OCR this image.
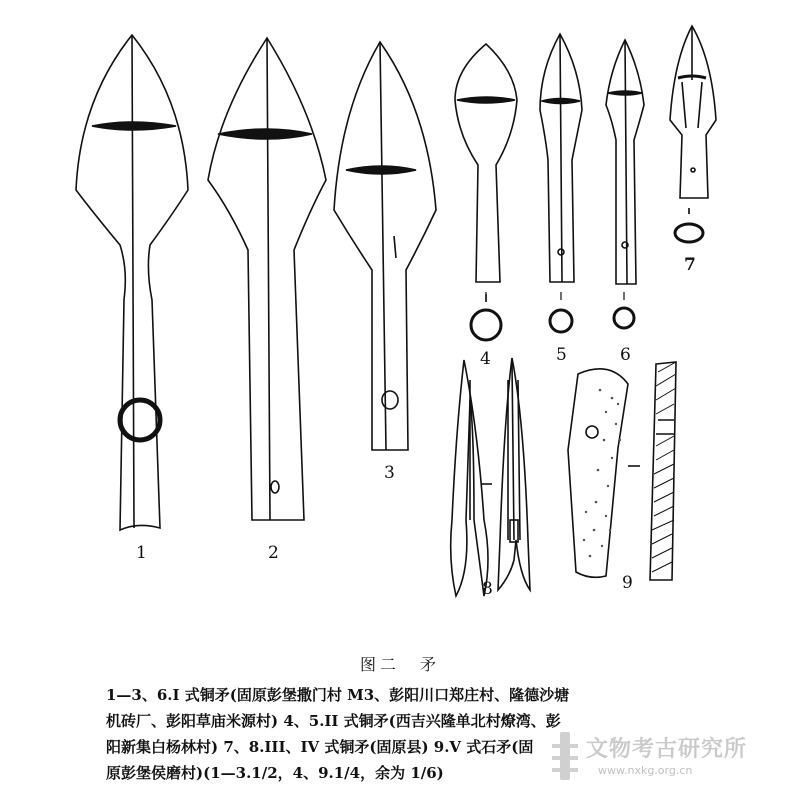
1	2
3
4	5	6
7
8	9
图二　矛
1—3、6.I 式铜矛(固原彭堡撒门村 M3、彭阳川口郑庄村、隆德沙塘
机砖厂、彭阳草庙米源村) 4、5.II 式铜矛(西吉兴隆单北村燎湾、彭
阳新集白杨林村) 7、8.III、IV 式铜矛(固原县) 9.V 式石矛(固
原彭堡侯磨村)(1—3.1/2，4、9.1/4，余为 1/6)
文物考古研究所
www.nxkg.org.cn
